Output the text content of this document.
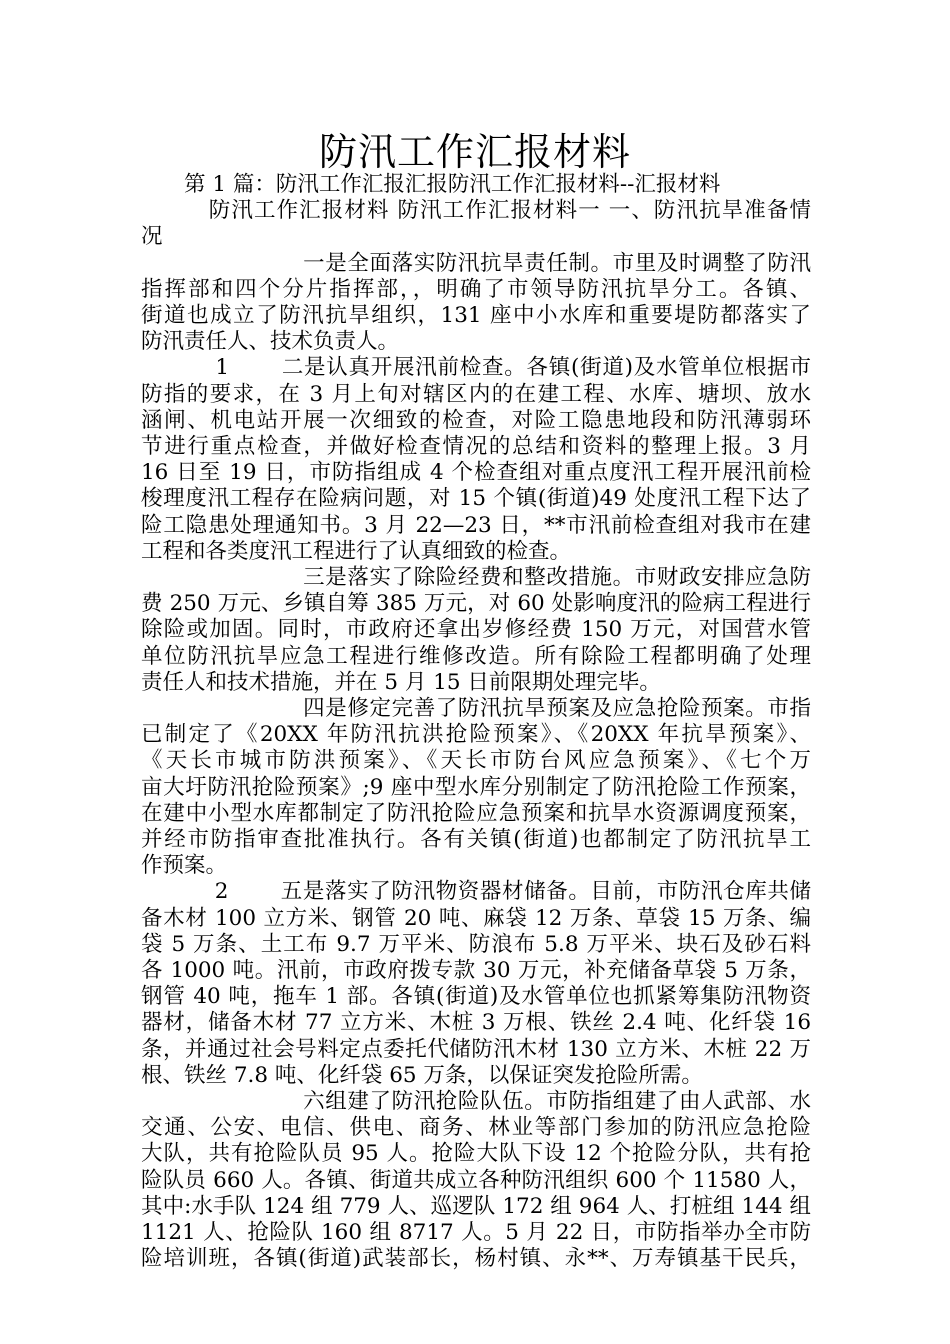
防汛工作汇报材料
　　第 1 篇：防汛工作汇报汇报防汛工作汇报材料--汇报材料
　　　防汛工作汇报材料 防汛工作汇报材料一 一、防汛抗旱准备情
况
　　　　　　　 一是全面落实防汛抗旱责任制。市里及时调整了防汛
指挥部和四个分片指挥部，，明确了市领导防汛抗旱分工。各镇、
街道也成立了防汛抗旱组织，131 座中小水库和重要堤防都落实了
防汛责任人、技术负责人。
　　　 1　　 二是认真开展汛前检查。各镇(街道)及水管单位根据市
防指的要求，在 3 月上旬对辖区内的在建工程、水库、塘坝、放水
涵闸、机电站开展一次细致的检查，对险工隐患地段和防汛薄弱环
节进行重点检查，并做好检查情况的总结和资料的整理上报。3 月
16 日至 19 日，市防指组成 4 个检查组对重点度汛工程开展汛前检
梭理度汛工程存在险病问题，对 15 个镇(街道)49 处度汛工程下达了
险工隐患处理通知书。3 月 22—23 日，**市汛前检查组对我市在建
工程和各类度汛工程进行了认真细致的检查。
　　　　　　　 三是落实了除险经费和整改措施。市财政安排应急防
费 250 万元、乡镇自筹 385 万元，对 60 处影响度汛的险病工程进行
除险或加固。同时，市政府还拿出岁修经费 150 万元，对国营水管
单位防汛抗旱应急工程进行维修改造。所有除险工程都明确了处理
责任人和技术措施，并在 5 月 15 日前限期处理完毕。
　　　　　　　 四是修定完善了防汛抗旱预案及应急抢险预案。市指
已制定了《20XX 年防汛抗洪抢险预案》、《20XX 年抗旱预案》、
《天长市城市防洪预案》、《天长市防台风应急预案》、《七个万
亩大圩防汛抢险预案》;9 座中型水库分别制定了防汛抢险工作预案，
在建中小型水库都制定了防汛抢险应急预案和抗旱水资源调度预案，
并经市防指审查批准执行。各有关镇(街道)也都制定了防汛抗旱工
作预案。
　　　 2　　 五是落实了防汛物资器材储备。目前，市防汛仓库共储
备木材 100 立方米、钢管 20 吨、麻袋 12 万条、草袋 15 万条、编
袋 5 万条、土工布 9.7 万平米、防浪布 5.8 万平米、块石及砂石料
各 1000 吨。汛前，市政府拨专款 30 万元，补充储备草袋 5 万条，
钢管 40 吨，拖车 1 部。各镇(街道)及水管单位也抓紧筹集防汛物资
器材，储备木材 77 立方米、木桩 3 万根、铁丝 2.4 吨、化纤袋 16
条，并通过社会号料定点委托代储防汛木材 130 立方米、木桩 22 万
根、铁丝 7.8 吨、化纤袋 65 万条，以保证突发抢险所需。
　　　　　　　 六组建了防汛抢险队伍。市防指组建了由人武部、水
交通、公安、电信、供电、商务、林业等部门参加的防汛应急抢险
大队，共有抢险队员 95 人。抢险大队下设 12 个抢险分队，共有抢
险队员 660 人。各镇、街道共成立各种防汛组织 600 个 11580 人，
其中:水手队 124 组 779 人、巡逻队 172 组 964 人、打桩组 144 组
1121 人、抢险队 160 组 8717 人。5 月 22 日，市防指举办全市防
险培训班，各镇(街道)武装部长，杨村镇、永**、万寿镇基干民兵，
